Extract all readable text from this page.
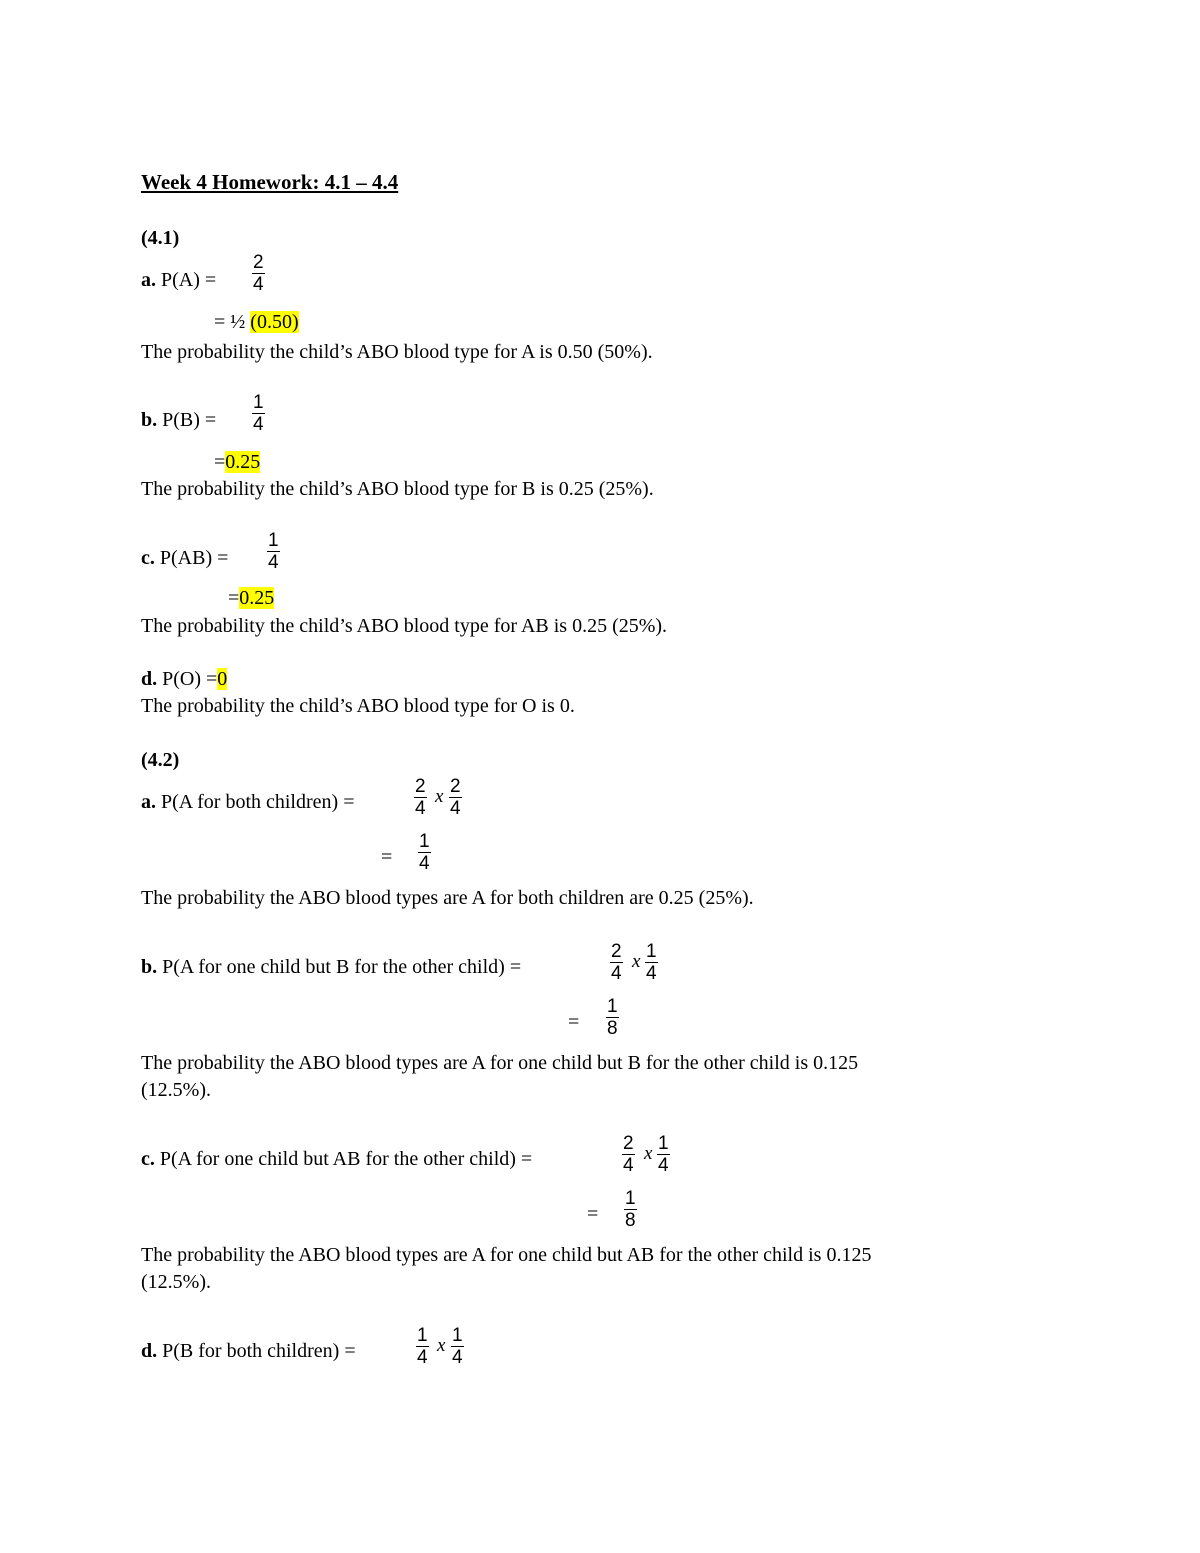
Week 4 Homework: 4.1 – 4.4
(4.1)
a. $P(A) = \frac{2}{4}$
= ½ (0.50)
The probability the child’s ABO blood type for A is 0.50 (50%).
b. $P(B) = \frac{1}{4}$
=0.25
The probability the child’s ABO blood type for B is 0.25 (25%).
c. $P(AB) = \frac{1}{4}$
=0.25
The probability the child’s ABO blood type for AB is 0.25 (25%).
d. P(O) =0
The probability the child’s ABO blood type for O is 0.
(4.2)
a. P(A for both children) =	$\frac{2}{4}$ x $\frac{2}{4}$
= $\frac{1}{4}$
The probability the ABO blood types are A for both children are 0.25 (25%).
b. P(A for one child but B for the other child) =	$\frac{2}{4}$ x $\frac{1}{4}$
= $\frac{1}{8}$
The probability the ABO blood types are A for one child but B for the other child is 0.125
(12.5%).
c. P(A for one child but AB for the other child) =	$\frac{2}{4}$ x $\frac{1}{4}$
= $\frac{1}{8}$
The probability the ABO blood types are A for one child but AB for the other child is 0.125
(12.5%).
d. P(B for both children) =	$\frac{1}{4}$ x $\frac{1}{4}$
